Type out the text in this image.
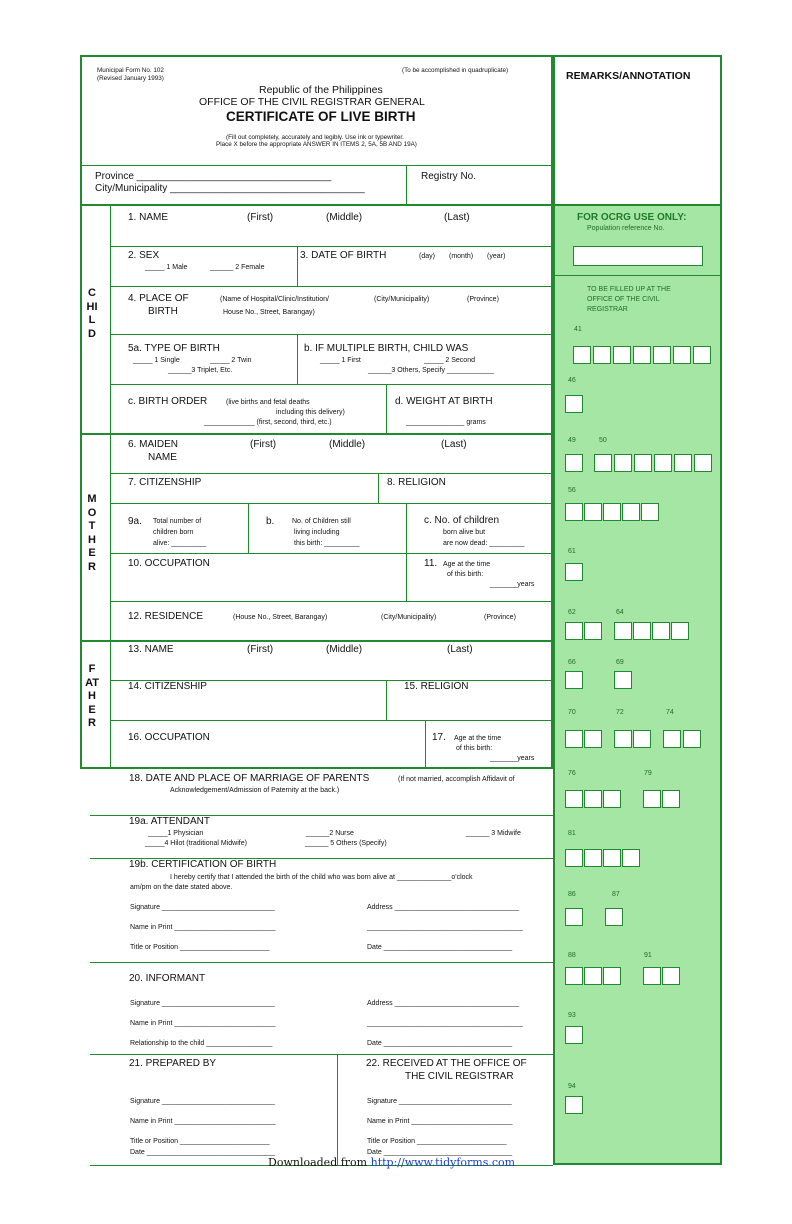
Municipal Form No. 102
(Revised January 1993)
(To be accomplished in quadruplicate)
Republic of the Philippines
OFFICE OF THE CIVIL REGISTRAR GENERAL
CERTIFICATE OF LIVE BIRTH
(Fill out completely, accurately and legibly. Use ink or typewriter.
Place X before the appropriate ANSWER IN ITEMS 2, 5A, 5B AND 19A)
Province ___________________________________
City/Municipality ___________________________________
Registry No.
REMARKS/ANNOTATION
CHILD
MOTHER
FATHER
1. NAME	(First)	(Middle)	(Last)
2. SEX
_____ 1 Male	______ 2 Female
3. DATE OF BIRTH	(day) (month) (year)
4. PLACE OF
BIRTH
(Name of Hospital/Clinic/Institution/
House No., Street, Barangay)
(City/Municipality)	(Province)
5a. TYPE OF BIRTH
_____ 1 Single	_____ 2 Twin
______3 Triplet, Etc.
b. IF MULTIPLE BIRTH, CHILD WAS
_____ 1 First	_____ 2 Second
______3 Others, Specify ____________
c. BIRTH ORDER	(live births and fetal deaths
including this delivery)
_____________ (first, second, third, etc.)
d. WEIGHT AT BIRTH
_______________ grams
6. MAIDEN
NAME
(First)	(Middle)	(Last)
7. CITIZENSHIP	8. RELIGION
9a. Total number of
children born
alive: _________
b.	No. of Children still
living including
this birth: _________
c. No. of children
born alive but
are now dead: _________
10. OCCUPATION	11. Age at the time
of this birth:
_______years
12. RESIDENCE	(House No., Street, Barangay)	(City/Municipality)	(Province)
13. NAME	(First)	(Middle)	(Last)
14. CITIZENSHIP	15. RELIGION
16. OCCUPATION	17. Age at the time
of this birth:
_______years
18. DATE AND PLACE OF MARRIAGE OF PARENTS	(If not married, accomplish Affidavit of
Acknowledgement/Admission of Paternity at the back.)
19a. ATTENDANT
_____1 Physician	______2 Nurse	______ 3 Midwife
_____4 Hilot (traditional Midwife)	______ 5 Others (Specify)
19b. CERTIFICATION OF BIRTH
I hereby certify that I attended the birth of the child who was born alive at ______________o'clock
am/pm on the date stated above.
Signature _____________________________	Address ________________________________
Name in Print __________________________	________________________________________
Title or Position _______________________	Date _________________________________
20. INFORMANT
Signature _____________________________	Address ________________________________
Name in Print __________________________	________________________________________
Relationship to the child _________________	Date _________________________________
21. PREPARED BY
Signature _____________________________
Name in Print __________________________
Title or Position _______________________
Date _________________________________
22. RECEIVED AT THE OFFICE OF
THE CIVIL REGISTRAR
Signature _____________________________
Name in Print __________________________
Title or Position _______________________
Date _________________________________
FOR OCRG USE ONLY:
Population reference No.
TO BE FILLED UP AT THE
OFFICE OF THE CIVIL
REGISTRAR
41
46
49	50
56
61
62	64
66	69
70	72	74
76	79
81
86	87
88	91
93
94
Downloaded from http://www.tidyforms.com
